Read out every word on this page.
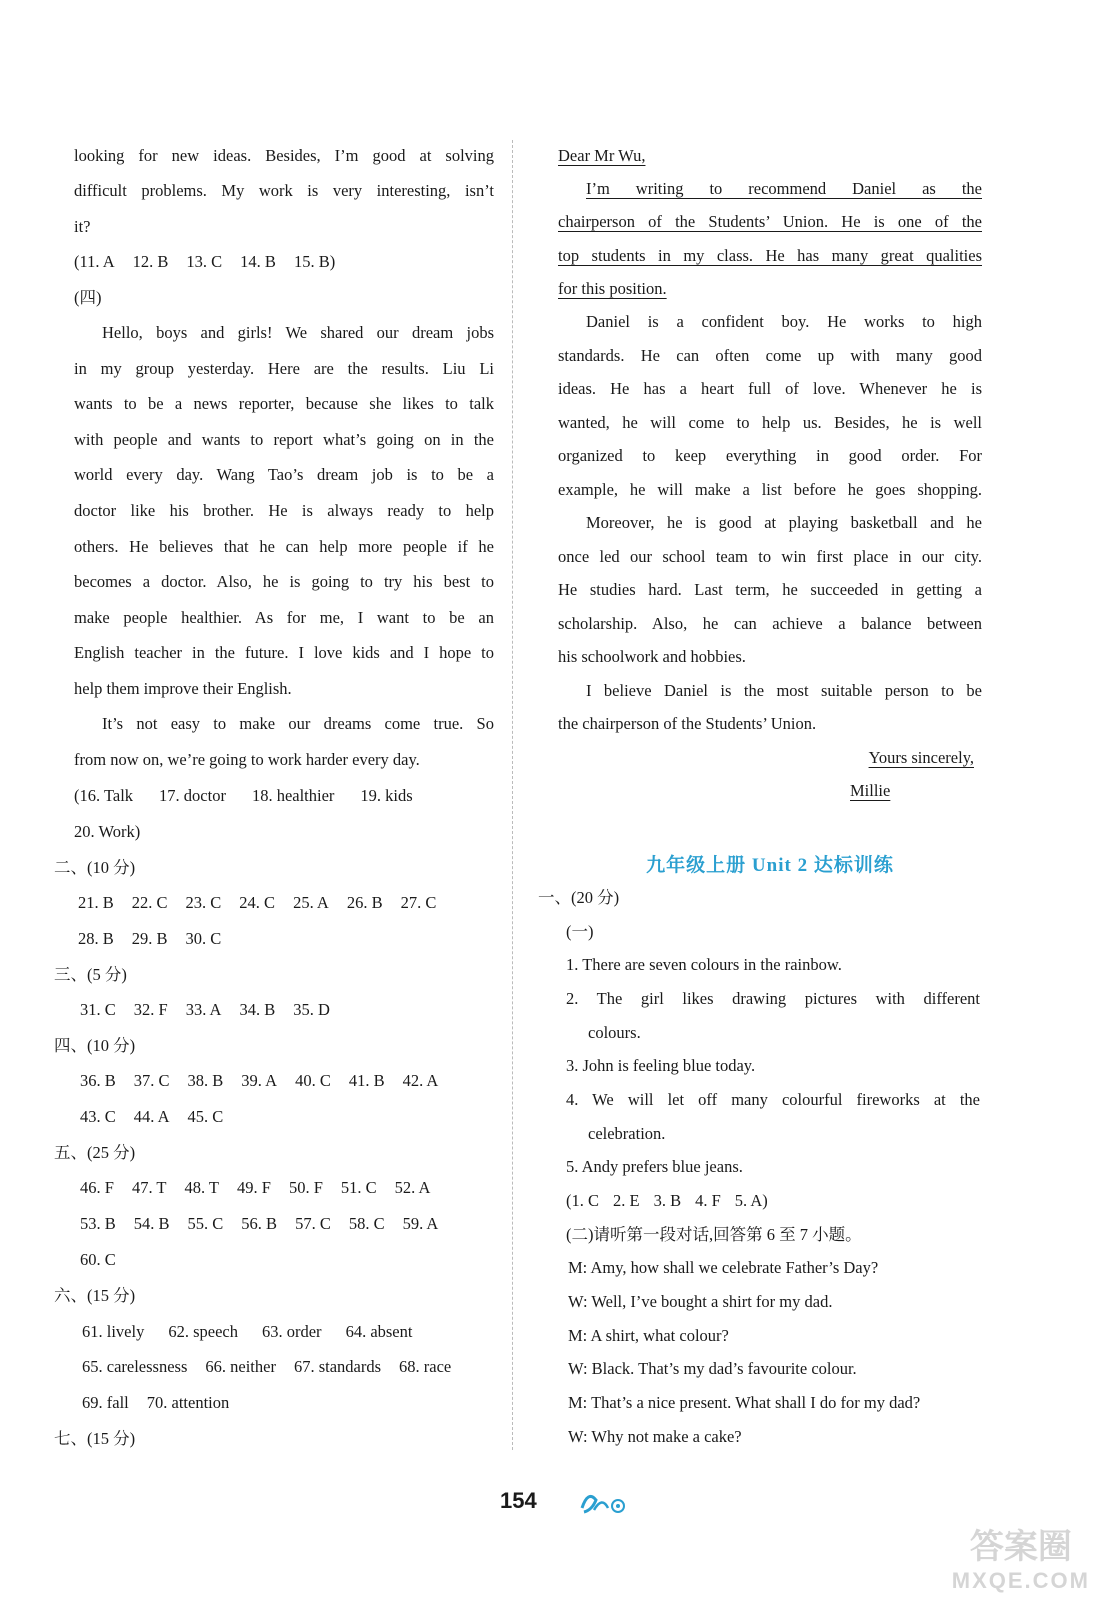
looking for new ideas. Besides, I’m good at solving
difficult problems. My work is very interesting, isn’t
it?
(11. A 12. B 13. C 14. B 15. B)
(四)
Hello, boys and girls! We shared our dream jobs
in my group yesterday. Here are the results. Liu Li
wants to be a news reporter, because she likes to talk
with people and wants to report what’s going on in the
world every day. Wang Tao’s dream job is to be a
doctor like his brother. He is always ready to help
others. He believes that he can help more people if he
becomes a doctor. Also, he is going to try his best to
make people healthier. As for me, I want to be an
English teacher in the future. I love kids and I hope to
help them improve their English.
It’s not easy to make our dreams come true. So
from now on, we’re going to work harder every day.
(16. Talk 17. doctor 18. healthier 19. kids
20. Work)
二、(10 分)
21. B 22. C 23. C 24. C 25. A 26. B 27. C
28. B 29. B 30. C
三、(5 分)
31. C 32. F 33. A 34. B 35. D
四、(10 分)
36. B 37. C 38. B 39. A 40. C 41. B 42. A
43. C 44. A 45. C
五、(25 分)
46. F 47. T 48. T 49. F 50. F 51. C 52. A
53. B 54. B 55. C 56. B 57. C 58. C 59. A
60. C
六、(15 分)
61. lively 62. speech 63. order 64. absent
65. carelessness 66. neither 67. standards 68. race
69. fall 70. attention
七、(15 分)
Dear Mr Wu,
I’m writing to recommend Daniel as the
chairperson of the Students’ Union. He is one of the
top students in my class. He has many great qualities
for this position.
Daniel is a confident boy. He works to high
standards. He can often come up with many good
ideas. He has a heart full of love. Whenever he is
wanted, he will come to help us. Besides, he is well
organized to keep everything in good order. For
example, he will make a list before he goes shopping.
Moreover, he is good at playing basketball and he
once led our school team to win first place in our city.
He studies hard. Last term, he succeeded in getting a
scholarship. Also, he can achieve a balance between
his schoolwork and hobbies.
I believe Daniel is the most suitable person to be
the chairperson of the Students’ Union.
Yours sincerely,
Millie
一、(20 分)
(一)
1. There are seven colours in the rainbow.
2. The girl likes drawing pictures with different
colours.
3. John is feeling blue today.
4. We will let off many colourful fireworks at the
celebration.
5. Andy prefers blue jeans.
(1. C 2. E 3. B 4. F 5. A)
(二)请听第一段对话,回答第 6 至 7 小题。
M: Amy, how shall we celebrate Father’s Day?
W: Well, I’ve bought a shirt for my dad.
M: A shirt, what colour?
W: Black. That’s my dad’s favourite colour.
M: That’s a nice present. What shall I do for my dad?
W: Why not make a cake?
九年级上册 Unit 2 达标训练
154
答案圈
MXQE.COM
